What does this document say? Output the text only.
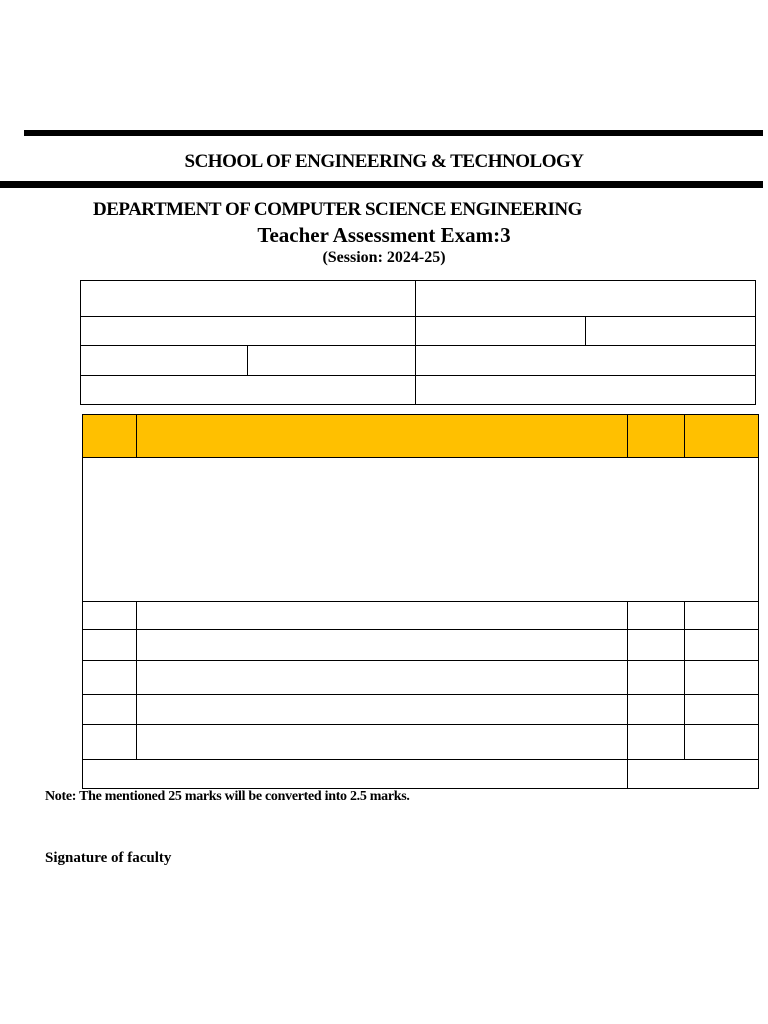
SCHOOL OF ENGINEERING & TECHNOLOGY
DEPARTMENT OF COMPUTER SCIENCE ENGINEERING
Teacher Assessment Exam:3
(Session: 2024-25)
Note: The mentioned 25 marks will be converted into 2.5 marks.
Signature of faculty
